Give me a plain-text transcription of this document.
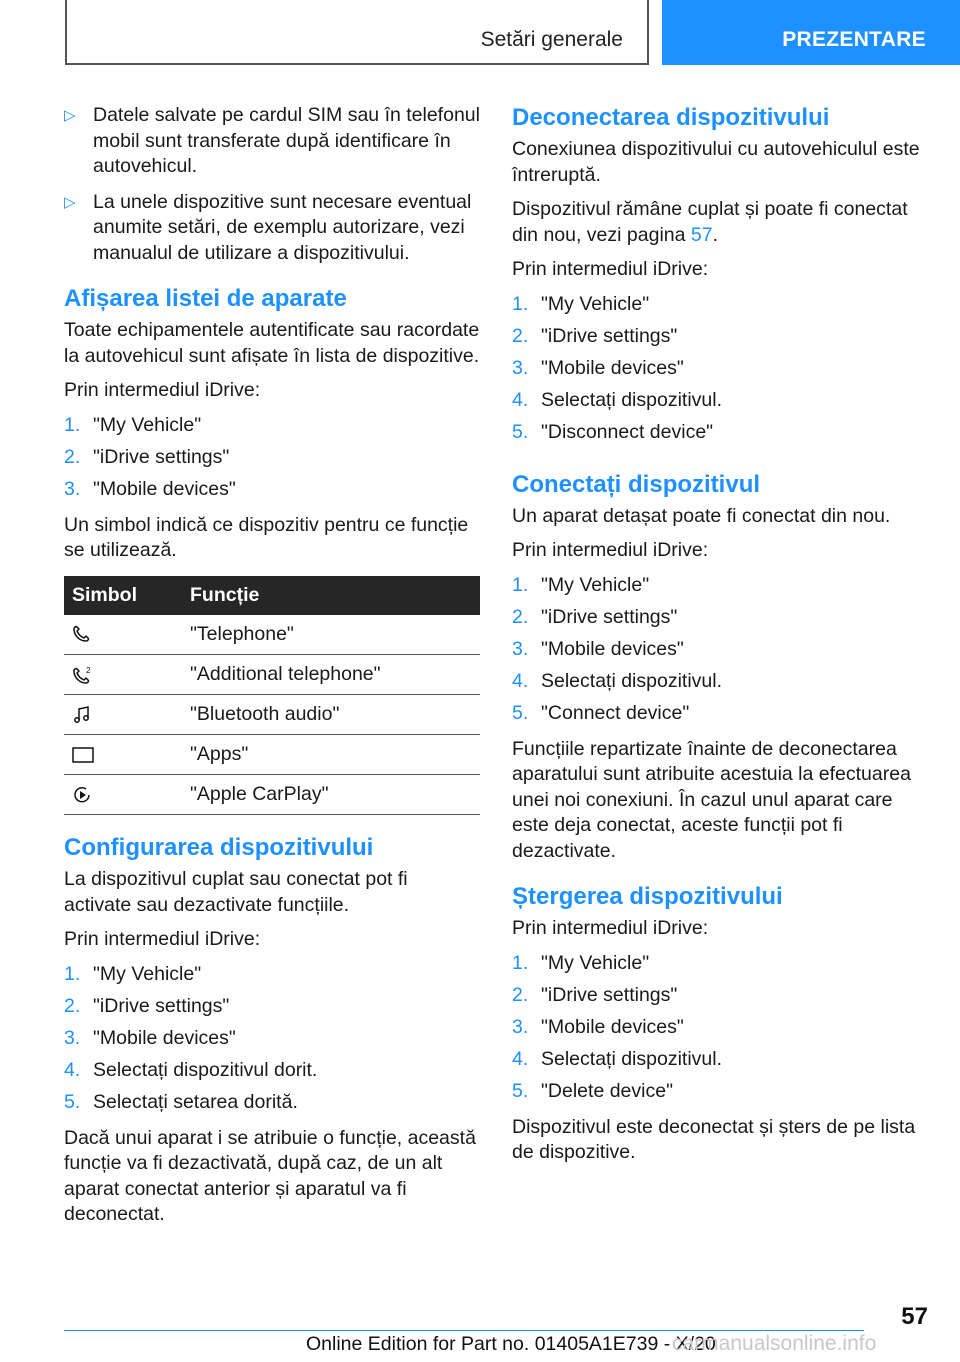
Setări generale	PREZENTARE
▷ Datele salvate pe cardul SIM sau în telefonul mobil sunt transferate după identificare în autovehicul.
▷ La unele dispozitive sunt necesare eventual anumite setări, de exemplu autorizare, vezi manualul de utilizare a dispozitivului.
Afișarea listei de aparate

Toate echipamentele autentificate sau racordate la autovehicul sunt afișate în lista de dispozitive.

Prin intermediul iDrive:

1. "My Vehicle"
2. "iDrive settings"
3. "Mobile devices"

Un simbol indică ce dispozitiv pentru ce funcție se utilizează.

Simbol	Funcție

	"Telephone"

2	"Additional telephone"

	"Bluetooth audio"

	"Apps"

	"Apple CarPlay"
Configurarea dispozitivului

La dispozitivul cuplat sau conectat pot fi activate sau dezactivate funcțiile.

Prin intermediul iDrive:

1. "My Vehicle"
2. "iDrive settings"
3. "Mobile devices"
4. Selectați dispozitivul dorit.
5. Selectați setarea dorită.

Dacă unui aparat i se atribuie o funcție, această funcție va fi dezactivată, după caz, de un alt aparat conectat anterior și aparatul va fi deconectat.

Deconectarea dispozitivului

Conexiunea dispozitivului cu autovehiculul este întreruptă.

Dispozitivul rămâne cuplat și poate fi conectat din nou, vezi pagina 57.

Prin intermediul iDrive:

1. "My Vehicle"
2. "iDrive settings"
3. "Mobile devices"
4. Selectați dispozitivul.
5. "Disconnect device"
Conectați dispozitivul

Un aparat detașat poate fi conectat din nou.

Prin intermediul iDrive:

1. "My Vehicle"
2. "iDrive settings"
3. "Mobile devices"
4. Selectați dispozitivul.
5. "Connect device"

Funcțiile repartizate înainte de deconectarea aparatului sunt atribuite acestuia la efectuarea unei noi conexiuni. În cazul unul aparat care este deja conectat, aceste funcții pot fi dezactivate.

Ștergerea dispozitivului

Prin intermediul iDrive:

1. "My Vehicle"
2. "iDrive settings"
3. "Mobile devices"
4. Selectați dispozitivul.
5. "Delete device"

Dispozitivul este deconectat și șters de pe lista de dispozitive.

57
Online Edition for Part no. 01405A1E739 - X/20
carmanualsonline.info
